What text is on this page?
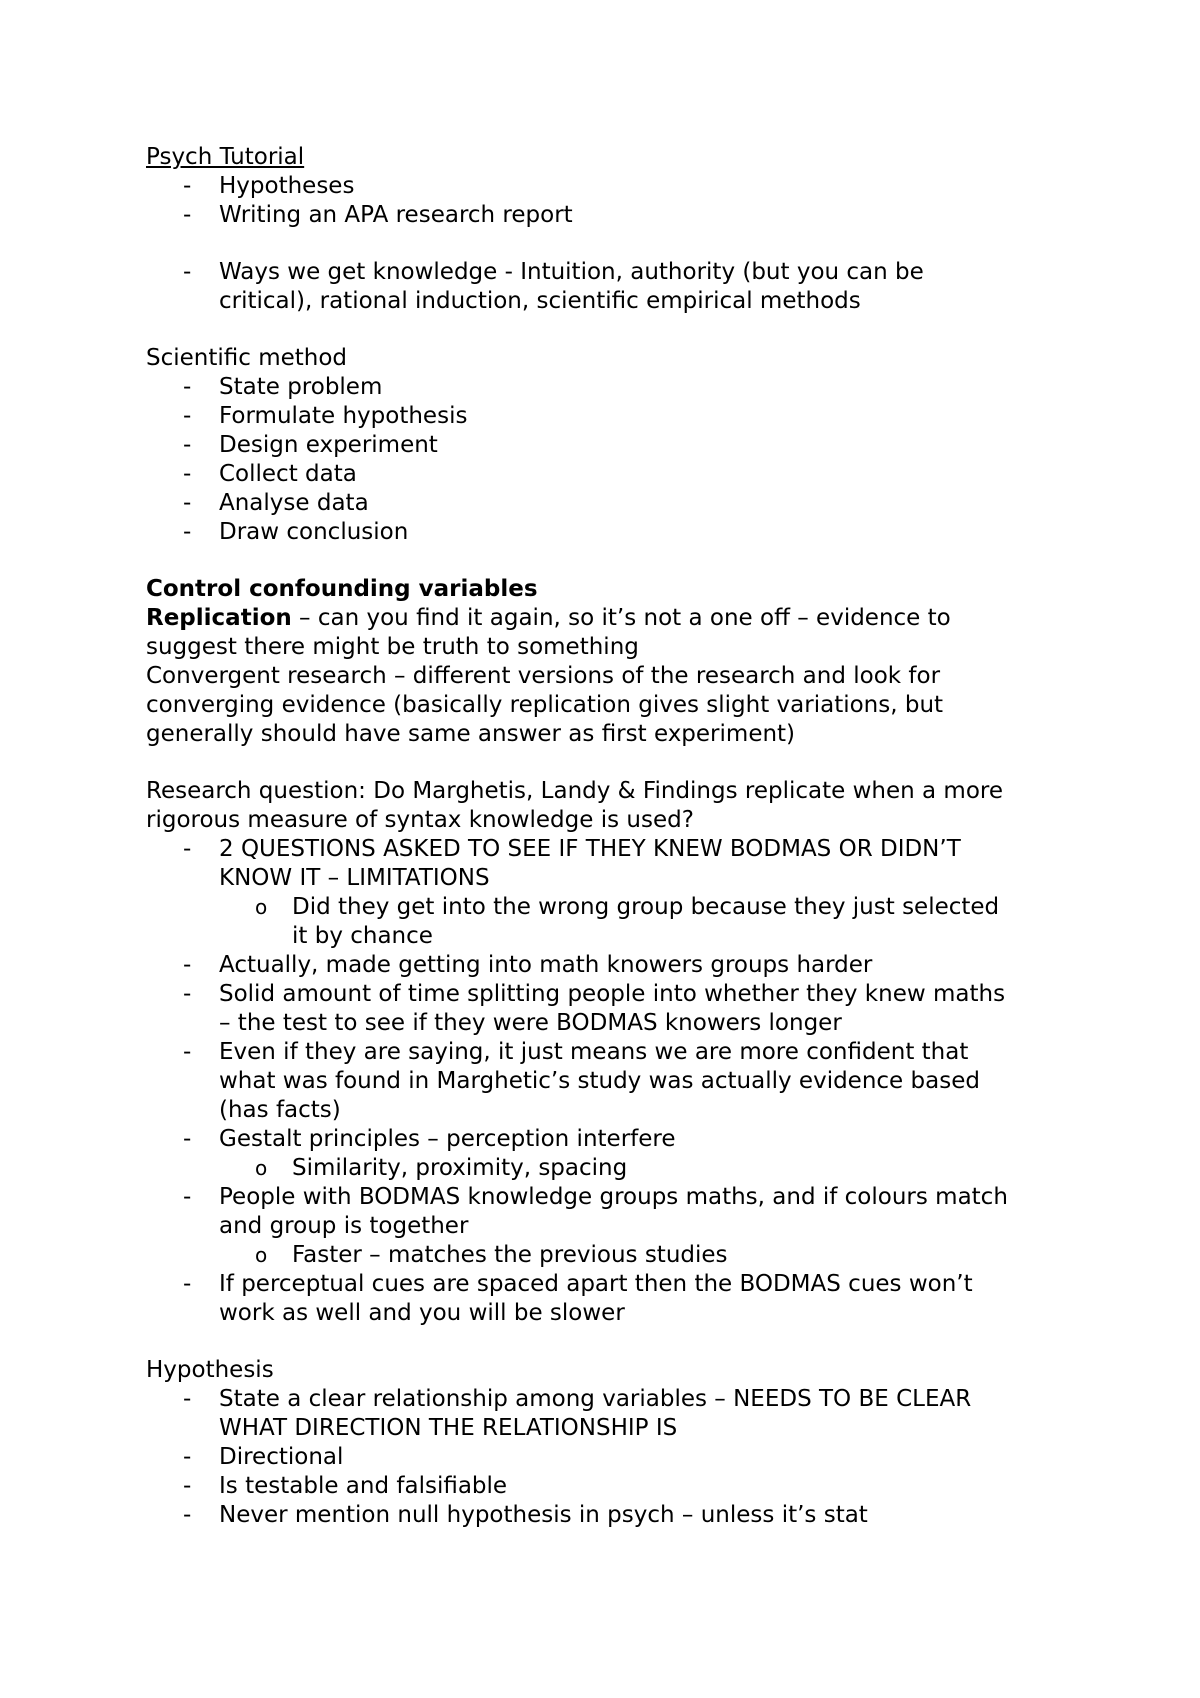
Psych Tutorial

- Hypotheses

- Writing an APA research report

- Ways we get knowledge - Intuition, authority (but you can be

critical), rational induction, scientific empirical methods

Scientific method

- State problem

- Formulate hypothesis

- Design experiment

- Collect data

- Analyse data

- Draw conclusion

Control confounding variables

Replication – can you find it again, so it’s not a one off – evidence to

suggest there might be truth to something

Convergent research – different versions of the research and look for

converging evidence (basically replication gives slight variations, but

generally should have same answer as first experiment)

Research question: Do Marghetis, Landy & Findings replicate when a more

rigorous measure of syntax knowledge is used?

- 2 QUESTIONS ASKED TO SEE IF THEY KNEW BODMAS OR DIDN’T

KNOW IT – LIMITATIONS

o Did they get into the wrong group because they just selected

it by chance

- Actually, made getting into math knowers groups harder

- Solid amount of time splitting people into whether they knew maths

– the test to see if they were BODMAS knowers longer

- Even if they are saying, it just means we are more confident that

what was found in Marghetic’s study was actually evidence based

(has facts)

- Gestalt principles – perception interfere

o Similarity, proximity, spacing

- People with BODMAS knowledge groups maths, and if colours match

and group is together

o Faster – matches the previous studies

- If perceptual cues are spaced apart then the BODMAS cues won’t

work as well and you will be slower

Hypothesis

- State a clear relationship among variables – NEEDS TO BE CLEAR

WHAT DIRECTION THE RELATIONSHIP IS

- Directional

- Is testable and falsifiable

- Never mention null hypothesis in psych – unless it’s stat
